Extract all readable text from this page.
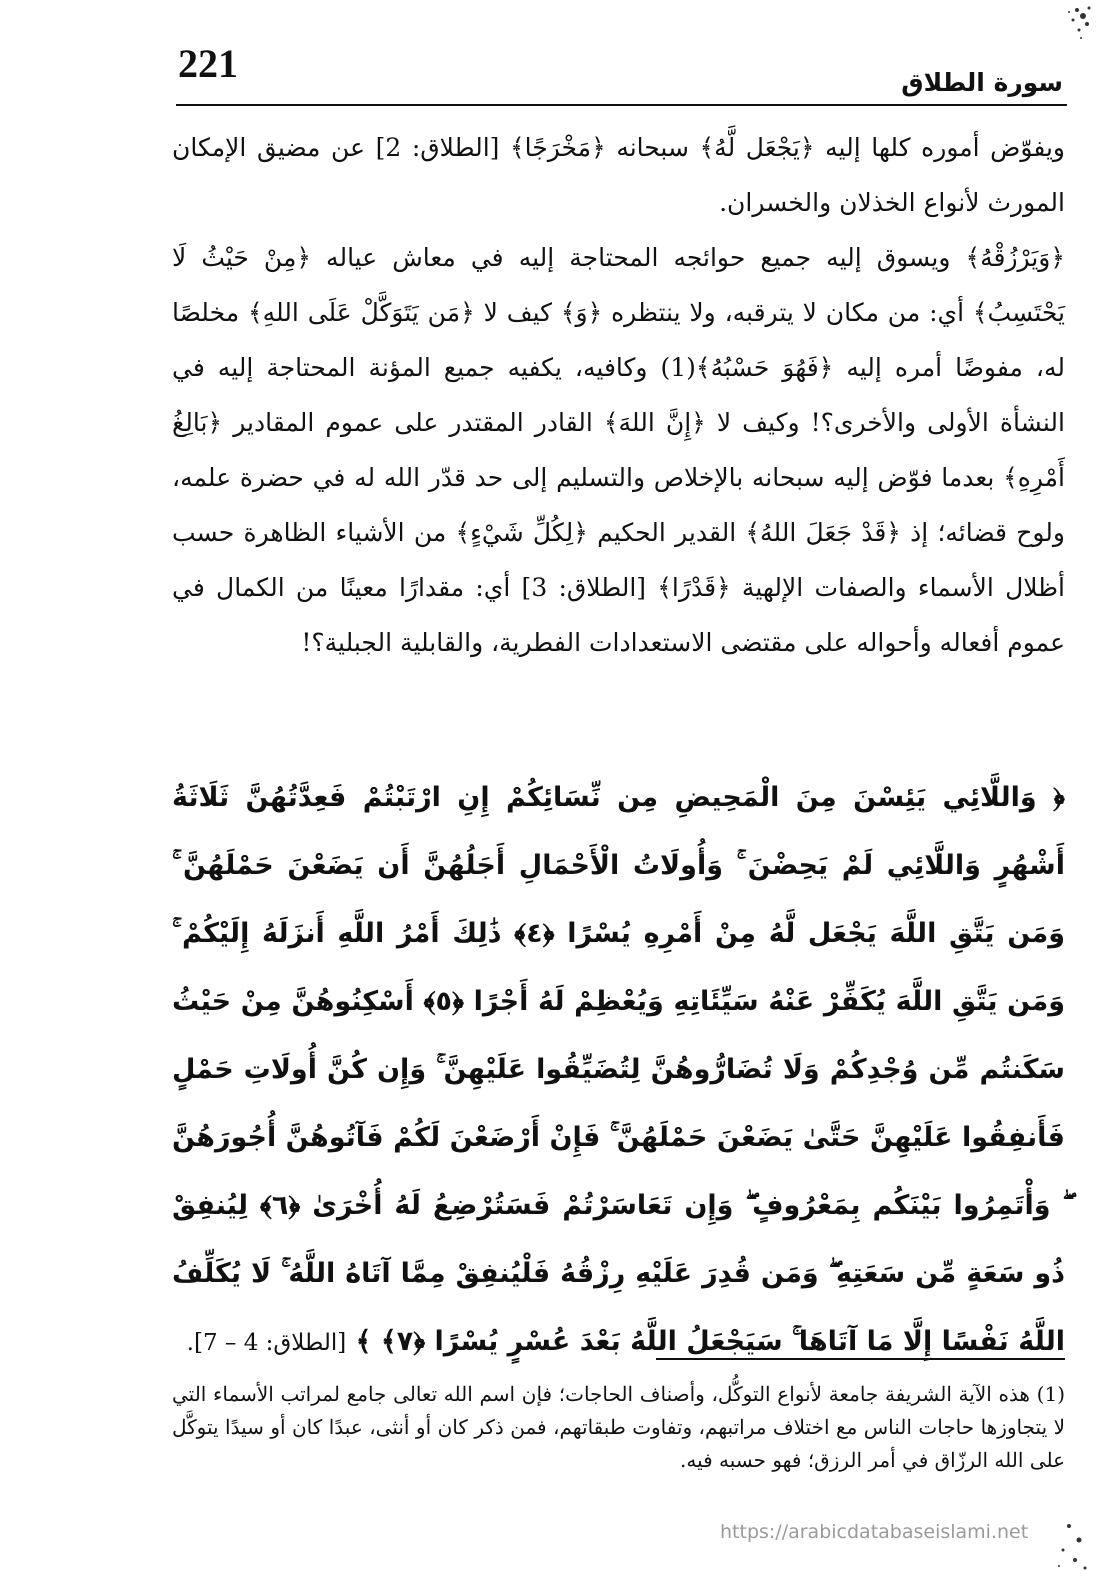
221	سورة الطلاق

ويفوّض أموره كلها إليه ﴿يَجْعَل لَّهُ﴾ سبحانه ﴿مَخْرَجًا﴾ [الطلاق: 2] عن مضيق الإمكان المورث لأنواع الخذلان والخسران.

﴿وَيَرْزُقْهُ﴾ ويسوق إليه جميع حوائجه المحتاجة إليه في معاش عياله ﴿مِنْ حَيْثُ لَا يَحْتَسِبُ﴾ أي: من مكان لا يترقبه، ولا ينتظره ﴿وَ﴾ كيف لا ﴿مَن يَتَوَكَّلْ عَلَى اللهِ﴾ مخلصًا له، مفوضًا أمره إليه ﴿فَهُوَ حَسْبُهُ﴾(1) وكافيه، يكفيه جميع المؤنة المحتاجة إليه في النشأة الأولى والأخرى؟! وكيف لا ﴿إِنَّ اللهَ﴾ القادر المقتدر على عموم المقادير ﴿بَالِغُ أَمْرِهِ﴾ بعدما فوّض إليه سبحانه بالإخلاص والتسليم إلى حد قدّر الله له في حضرة علمه، ولوح قضائه؛ إذ ﴿قَدْ جَعَلَ اللهُ﴾ القدير الحكيم ﴿لِكُلِّ شَيْءٍ﴾ من الأشياء الظاهرة حسب أظلال الأسماء والصفات الإلهية ﴿قَدْرًا﴾ [الطلاق: 3] أي: مقدارًا معينًا من الكمال في عموم أفعاله وأحواله على مقتضى الاستعدادات الفطرية، والقابلية الجبلية؟!

﴿ وَاللَّائِي يَئِسْنَ مِنَ الْمَحِيضِ مِن نِّسَائِكُمْ إِنِ ارْتَبْتُمْ فَعِدَّتُهُنَّ ثَلَاثَةُ أَشْهُرٍ وَاللَّائِي لَمْ يَحِضْنَ ۚ وَأُولَاتُ الْأَحْمَالِ أَجَلُهُنَّ أَن يَضَعْنَ حَمْلَهُنَّ ۚ وَمَن يَتَّقِ اللَّهَ يَجْعَل لَّهُ مِنْ أَمْرِهِ يُسْرًا ﴿٤﴾ ذَٰلِكَ أَمْرُ اللَّهِ أَنزَلَهُ إِلَيْكُمْ ۚ وَمَن يَتَّقِ اللَّهَ يُكَفِّرْ عَنْهُ سَيِّئَاتِهِ وَيُعْظِمْ لَهُ أَجْرًا ﴿٥﴾ أَسْكِنُوهُنَّ مِنْ حَيْثُ سَكَنتُم مِّن وُجْدِكُمْ وَلَا تُضَارُّوهُنَّ لِتُضَيِّقُوا عَلَيْهِنَّ ۚ وَإِن كُنَّ أُولَاتِ حَمْلٍ فَأَنفِقُوا عَلَيْهِنَّ حَتَّىٰ يَضَعْنَ حَمْلَهُنَّ ۚ فَإِنْ أَرْضَعْنَ لَكُمْ فَآتُوهُنَّ أُجُورَهُنَّ ۖ وَأْتَمِرُوا بَيْنَكُم بِمَعْرُوفٍ ۖ وَإِن تَعَاسَرْتُمْ فَسَتُرْضِعُ لَهُ أُخْرَىٰ ﴿٦﴾ لِيُنفِقْ ذُو سَعَةٍ مِّن سَعَتِهِ ۖ وَمَن قُدِرَ عَلَيْهِ رِزْقُهُ فَلْيُنفِقْ مِمَّا آتَاهُ اللَّهُ ۚ لَا يُكَلِّفُ اللَّهُ نَفْسًا إِلَّا مَا آتَاهَا ۚ سَيَجْعَلُ اللَّهُ بَعْدَ عُسْرٍ يُسْرًا ﴿٧﴾ ﴾ [الطلاق: 4 – 7].

(1) هذه الآية الشريفة جامعة لأنواع التوكُّل، وأصناف الحاجات؛ فإن اسم الله تعالى جامع لمراتب الأسماء التي لا يتجاوزها حاجات الناس مع اختلاف مراتبهم، وتفاوت طبقاتهم، فمن ذكر كان أو أنثى، عبدًا كان أو سيدًا يتوكَّل على الله الرزّاق في أمر الرزق؛ فهو حسبه فيه.

https://arabicdatabaseislami.net
